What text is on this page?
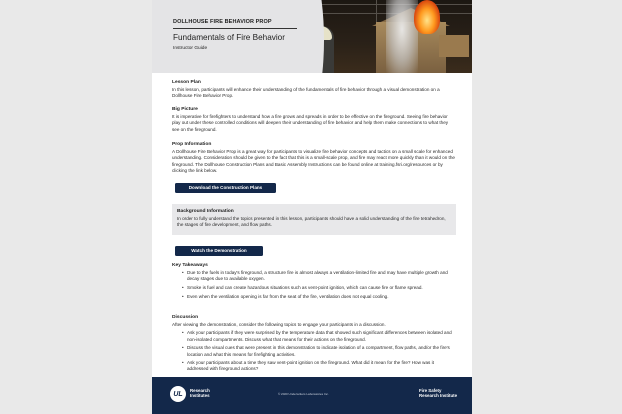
DOLLHOUSE FIRE BEHAVIOR PROP
Fundamentals of Fire Behavior
Instructor Guide
Lesson Plan

In this lesson, participants will enhance their understanding of the fundamentals of fire behavior through a visual demonstration on a Dollhouse Fire Behavior Prop.

Big Picture

It is imperative for firefighters to understand how a fire grows and spreads in order to be effective on the fireground. Seeing fire behavior play out under these controlled conditions will deepen their understanding of fire behavior and help them make connections to what they see on the fireground.

Prop Information

A Dollhouse Fire Behavior Prop is a great way for participants to visualize fire behavior concepts and tactics on a small scale for enhanced understanding. Consideration should be given to the fact that this is a small-scale prop, and fire may react more quickly than it would on the fireground. The Dollhouse Construction Plans and Basic Assembly Instructions can be found online at training.fsri.org/resources or by clicking the link below.

Download the Construction Plans
Background Information

In order to fully understand the topics presented in this lesson, participants should have a solid understanding of the fire tetrahedron, the stages of fire development, and flow paths.

Watch the Demonstration
Key Takeaways
• Due to the fuels in today's fireground, a structure fire is almost always a ventilation-limited fire and may have multiple growth and decay stages due to available oxygen.
• Smoke is fuel and can create hazardous situations such as vent-point ignition, which can cause fire or flame spread.
• Even when the ventilation opening is far from the seat of the fire, ventilation does not equal cooling.
Discussion

After viewing the demonstration, consider the following topics to engage your participants in a discussion.

• Ask your participants if they were surprised by the temperature data that showed such significant differences between isolated and non-isolated compartments. Discuss what that means for their actions on the fireground.
• Discuss the visual cues that were present in this demonstration to indicate isolation of a compartment, flow paths, and/or the fire's location and what this means for firefighting activities.
• Ask your participants about a time they saw vent-point ignition on the fireground. What did it mean for the fire? How was it addressed with fireground actions?
UL Research
Institutes	© 2020 Underwriters Laboratories Inc.
Fire Safety
Research Institute
